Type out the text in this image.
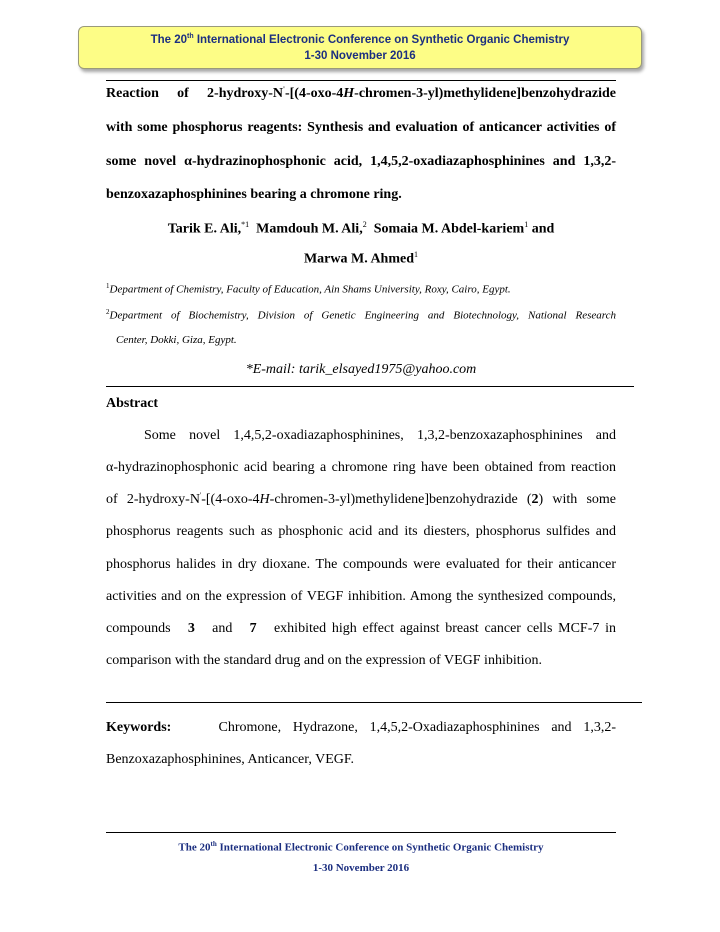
The 20th International Electronic Conference on Synthetic Organic Chemistry
1-30 November 2016
Reaction of 2-hydroxy-N'-[(4-oxo-4H-chromen-3-yl)methylidene]benzohydrazide
with some phosphorus reagents: Synthesis and evaluation of anticancer activities of
some novel α-hydrazinophosphonic acid, 1,4,5,2-oxadiazaphosphinines and 1,3,2-
benzoxazaphosphinines bearing a chromone ring.
Tarik E. Ali,$^{*1}$ Mamdouh M. Ali,$^2$ Somaia M. Abdel-kariem$^1$ and
Marwa M. Ahmed$^1$
$^1$Department of Chemistry, Faculty of Education, Ain Shams University, Roxy, Cairo, Egypt.
$^2$Department of Biochemistry, Division of Genetic Engineering and Biotechnology, National Research
Center, Dokki, Giza, Egypt.
*E-mail: tarik_elsayed1975@yahoo.com
Abstract
Some novel 1,4,5,2-oxadiazaphosphinines, 1,3,2-benzoxazaphosphinines and
α-hydrazinophosphonic acid bearing a chromone ring have been obtained from reaction
of 2-hydroxy-N'-[(4-oxo-4H-chromen-3-yl)methylidene]benzohydrazide (2) with some
phosphorus reagents such as phosphonic acid and its diesters, phosphorus sulfides and
phosphorus halides in dry dioxane. The compounds were evaluated for their anticancer
activities and on the expression of VEGF inhibition. Among the synthesized compounds,
compounds 3 and 7 exhibited high effect against breast cancer cells MCF-7 in
comparison with the standard drug and on the expression of VEGF inhibition.
Keywords:	Chromone, Hydrazone, 1,4,5,2-Oxadiazaphosphinines and 1,3,2-
Benzoxazaphosphinines, Anticancer, VEGF.
The 20th International Electronic Conference on Synthetic Organic Chemistry
1-30 November 2016
